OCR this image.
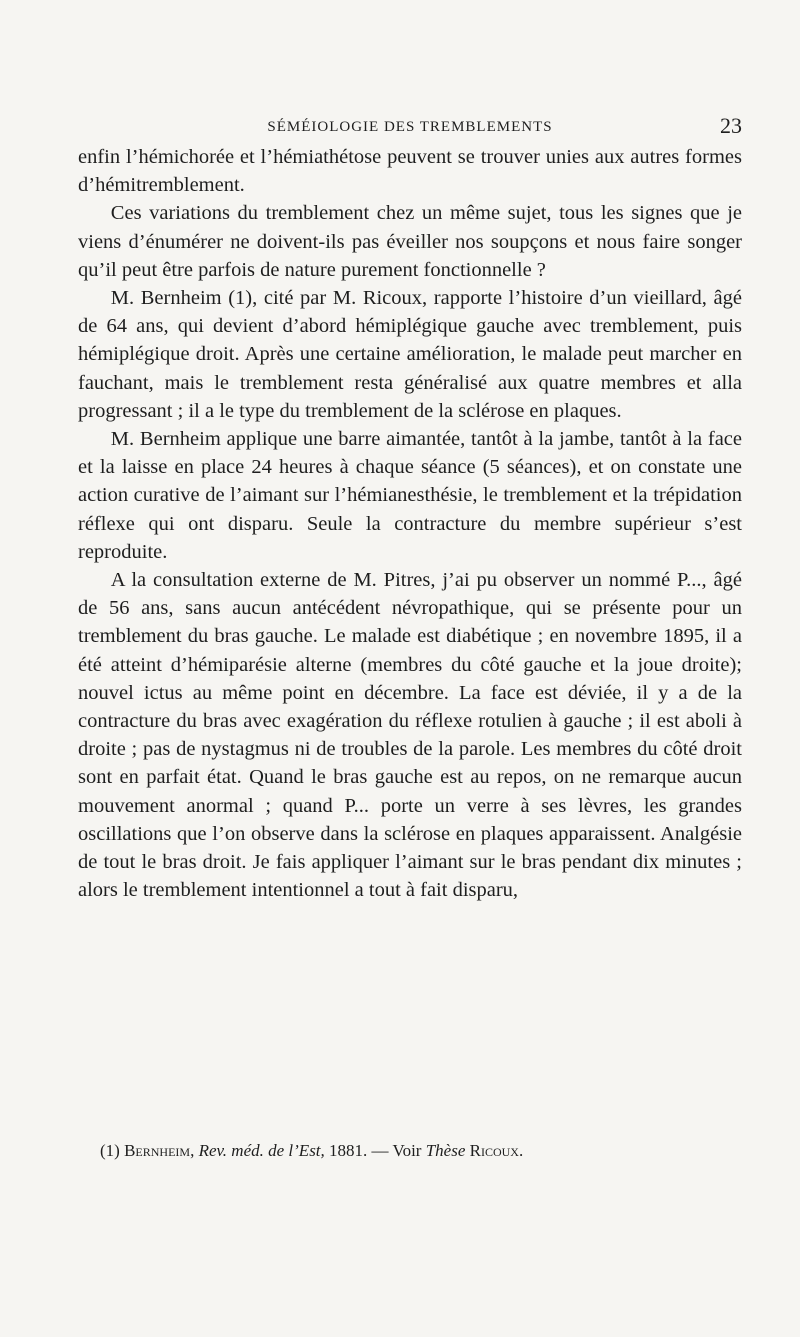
SÉMÉIOLOGIE DES TREMBLEMENTS	23

enfin l’hémichorée et l’hémiathétose peuvent se trouver unies aux autres formes d’hémitremblement.

Ces variations du tremblement chez un même sujet, tous les signes que je viens d’énumérer ne doivent-ils pas éveiller nos soupçons et nous faire songer qu’il peut être parfois de nature purement fonctionnelle ?

M. Bernheim (1), cité par M. Ricoux, rapporte l’histoire d’un vieillard, âgé de 64 ans, qui devient d’abord hémiplégique gauche avec tremblement, puis hémiplégique droit. Après une certaine amélioration, le malade peut marcher en fauchant, mais le tremblement resta généralisé aux quatre membres et alla progressant ; il a le type du tremblement de la sclérose en plaques.

M. Bernheim applique une barre aimantée, tantôt à la jambe, tantôt à la face et la laisse en place 24 heures à chaque séance (5 séances), et on constate une action curative de l’aimant sur l’hémianesthésie, le tremblement et la trépidation réflexe qui ont disparu. Seule la contracture du membre supérieur s’est reproduite.

A la consultation externe de M. Pitres, j’ai pu observer un nommé P..., âgé de 56 ans, sans aucun antécédent névropathique, qui se présente pour un tremblement du bras gauche. Le malade est diabétique ; en novembre 1895, il a été atteint d’hémiparésie alterne (membres du côté gauche et la joue droite); nouvel ictus au même point en décembre. La face est déviée, il y a de la contracture du bras avec exagération du réflexe rotulien à gauche ; il est aboli à droite ; pas de nystagmus ni de troubles de la parole. Les membres du côté droit sont en parfait état. Quand le bras gauche est au repos, on ne remarque aucun mouvement anormal ; quand P... porte un verre à ses lèvres, les grandes oscillations que l’on observe dans la sclérose en plaques apparaissent. Analgésie de tout le bras droit. Je fais appliquer l’aimant sur le bras pendant dix minutes ; alors le tremblement intentionnel a tout à fait disparu,

(1) Bernheim, Rev. méd. de l’Est, 1881. — Voir Thèse Ricoux.
